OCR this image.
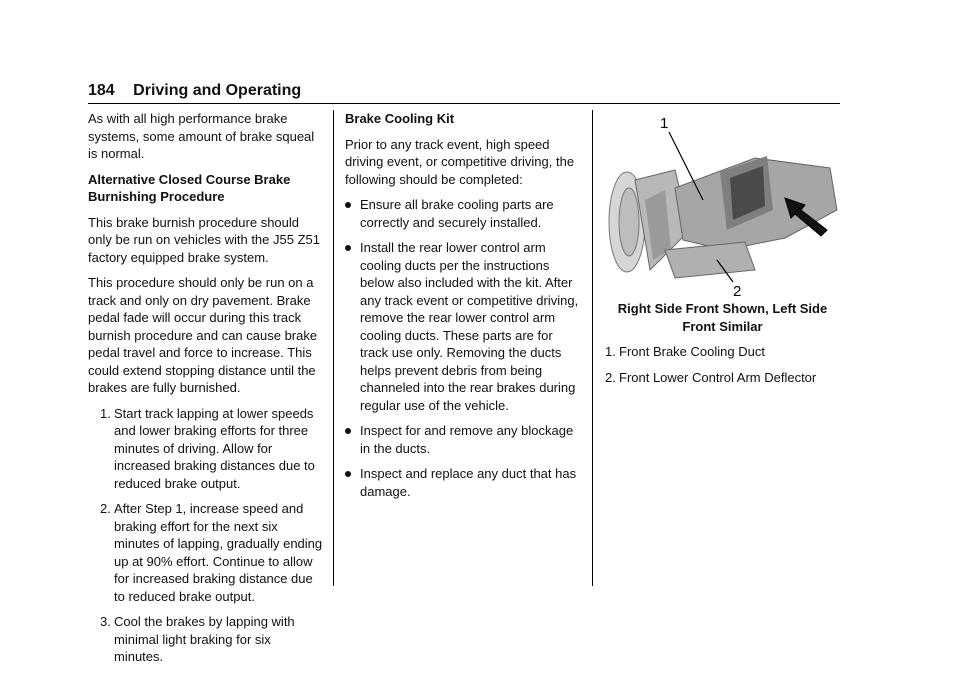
184 Driving and Operating

As with all high performance brake systems, some amount of brake squeal is normal.

Alternative Closed Course Brake Burnishing Procedure

This brake burnish procedure should only be run on vehicles with the J55 Z51 factory equipped brake system.

This procedure should only be run on a track and only on dry pavement. Brake pedal fade will occur during this track burnish procedure and can cause brake pedal travel and force to increase. This could extend stopping distance until the brakes are fully burnished.

1. Start track lapping at lower speeds and lower braking efforts for three minutes of driving. Allow for increased braking distances due to reduced brake output.
2. After Step 1, increase speed and braking effort for the next six minutes of lapping, gradually ending up at 90% effort. Continue to allow for increased braking distance due to reduced brake output.
3. Cool the brakes by lapping with minimal light braking for six minutes.

Brake Cooling Kit

Prior to any track event, high speed driving event, or competitive driving, the following should be completed:

Ensure all brake cooling parts are correctly and securely installed.
Install the rear lower control arm cooling ducts per the instructions below also included with the kit. After any track event or competitive driving, remove the rear lower control arm cooling ducts. These parts are for track use only. Removing the ducts helps prevent debris from being channeled into the rear brakes during regular use of the vehicle.
Inspect for and remove any blockage in the ducts.
Inspect and replace any duct that has damage.
1
2

Right Side Front Shown, Left Side Front Similar

1. Front Brake Cooling Duct
2. Front Lower Control Arm Deflector
